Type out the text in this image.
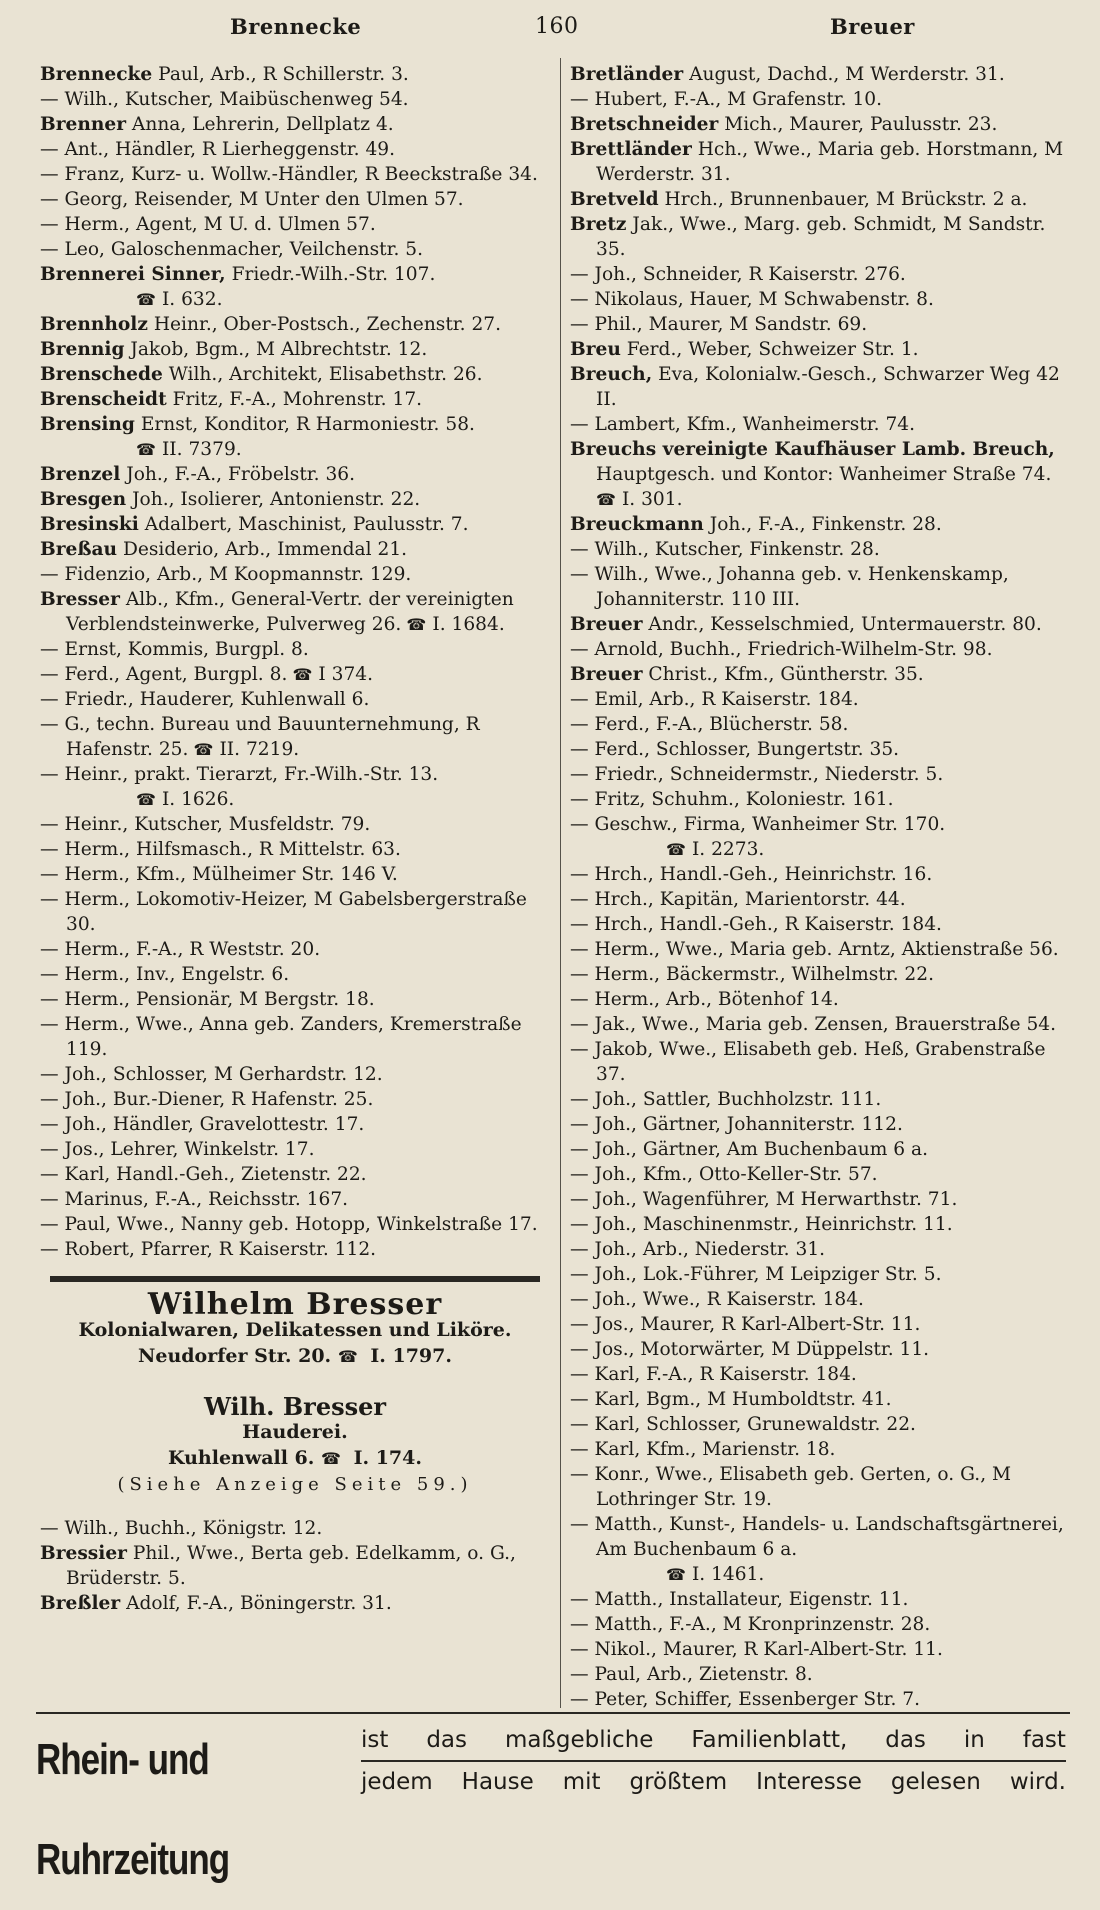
Brennecke	160	Breuer
Brennecke Paul, Arb., R Schillerstr. 3.
— Wilh., Kutscher, Maibüschenweg 54.
Brenner Anna, Lehrerin, Dellplatz 4.
— Ant., Händler, R Lierheggenstr. 49.
— Franz, Kurz- u. Wollw.-Händler, R Beeckstraße 34.
— Georg, Reisender, M Unter den Ulmen 57.
— Herm., Agent, M U. d. Ulmen 57.
— Leo, Galoschenmacher, Veilchenstr. 5.
Brennerei Sinner, Friedr.-Wilh.-Str. 107.
☎ I. 632.
Brennholz Heinr., Ober-Postsch., Zechenstr. 27.
Brennig Jakob, Bgm., M Albrechtstr. 12.
Brenschede Wilh., Architekt, Elisabethstr. 26.
Brenscheidt Fritz, F.-A., Mohrenstr. 17.
Brensing Ernst, Konditor, R Harmoniestr. 58.
☎ II. 7379.
Brenzel Joh., F.-A., Fröbelstr. 36.
Bresgen Joh., Isolierer, Antonienstr. 22.
Bresinski Adalbert, Maschinist, Paulusstr. 7.
Breßau Desiderio, Arb., Immendal 21.
— Fidenzio, Arb., M Koopmannstr. 129.
Bresser Alb., Kfm., General-Vertr. der vereinigten Verblendsteinwerke, Pulverweg 26. ☎ I. 1684.
— Ernst, Kommis, Burgpl. 8.
— Ferd., Agent, Burgpl. 8. ☎ I 374.
— Friedr., Hauderer, Kuhlenwall 6.
— G., techn. Bureau und Bauunternehmung, R Hafenstr. 25. ☎ II. 7219.
— Heinr., prakt. Tierarzt, Fr.-Wilh.-Str. 13.
☎ I. 1626.
— Heinr., Kutscher, Musfeldstr. 79.
— Herm., Hilfsmasch., R Mittelstr. 63.
— Herm., Kfm., Mülheimer Str. 146 V.
— Herm., Lokomotiv-Heizer, M Gabelsbergerstraße 30.
— Herm., F.-A., R Weststr. 20.
— Herm., Inv., Engelstr. 6.
— Herm., Pensionär, M Bergstr. 18.
— Herm., Wwe., Anna geb. Zanders, Kremerstraße 119.
— Joh., Schlosser, M Gerhardstr. 12.
— Joh., Bur.-Diener, R Hafenstr. 25.
— Joh., Händler, Gravelottestr. 17.
— Jos., Lehrer, Winkelstr. 17.
— Karl, Handl.-Geh., Zietenstr. 22.
— Marinus, F.-A., Reichsstr. 167.
— Paul, Wwe., Nanny geb. Hotopp, Winkelstraße 17.
— Robert, Pfarrer, R Kaiserstr. 112.
Wilhelm Bresser
Kolonialwaren, Delikatessen und Liköre.
Neudorfer Str. 20. ☎ I. 1797.
Wilh. Bresser
Hauderei.
Kuhlenwall 6. ☎ I. 174.
(Siehe Anzeige Seite 59.)
— Wilh., Buchh., Königstr. 12.
Bressier Phil., Wwe., Berta geb. Edelkamm, o. G., Brüderstr. 5.
Breßler Adolf, F.-A., Böningerstr. 31.
Bretländer August, Dachd., M Werderstr. 31.
— Hubert, F.-A., M Grafenstr. 10.
Bretschneider Mich., Maurer, Paulusstr. 23.
Brettländer Hch., Wwe., Maria geb. Horstmann, M Werderstr. 31.
Bretveld Hrch., Brunnenbauer, M Brückstr. 2 a.
Bretz Jak., Wwe., Marg. geb. Schmidt, M Sandstr. 35.
— Joh., Schneider, R Kaiserstr. 276.
— Nikolaus, Hauer, M Schwabenstr. 8.
— Phil., Maurer, M Sandstr. 69.
Breu Ferd., Weber, Schweizer Str. 1.
Breuch, Eva, Kolonialw.-Gesch., Schwarzer Weg 42 II.
— Lambert, Kfm., Wanheimerstr. 74.
Breuchs vereinigte Kaufhäuser Lamb. Breuch, Hauptgesch. und Kontor: Wanheimer Straße 74. ☎ I. 301.
Breuckmann Joh., F.-A., Finkenstr. 28.
— Wilh., Kutscher, Finkenstr. 28.
— Wilh., Wwe., Johanna geb. v. Henkenskamp, Johanniterstr. 110 III.
Breuer Andr., Kesselschmied, Untermauerstr. 80.
— Arnold, Buchh., Friedrich-Wilhelm-Str. 98.
Breuer Christ., Kfm., Güntherstr. 35.
— Emil, Arb., R Kaiserstr. 184.
— Ferd., F.-A., Blücherstr. 58.
— Ferd., Schlosser, Bungertstr. 35.
— Friedr., Schneidermstr., Niederstr. 5.
— Fritz, Schuhm., Koloniestr. 161.
— Geschw., Firma, Wanheimer Str. 170.
☎ I. 2273.
— Hrch., Handl.-Geh., Heinrichstr. 16.
— Hrch., Kapitän, Marientorstr. 44.
— Hrch., Handl.-Geh., R Kaiserstr. 184.
— Herm., Wwe., Maria geb. Arntz, Aktienstraße 56.
— Herm., Bäckermstr., Wilhelmstr. 22.
— Herm., Arb., Bötenhof 14.
— Jak., Wwe., Maria geb. Zensen, Brauerstraße 54.
— Jakob, Wwe., Elisabeth geb. Heß, Grabenstraße 37.
— Joh., Sattler, Buchholzstr. 111.
— Joh., Gärtner, Johanniterstr. 112.
— Joh., Gärtner, Am Buchenbaum 6 a.
— Joh., Kfm., Otto-Keller-Str. 57.
— Joh., Wagenführer, M Herwarthstr. 71.
— Joh., Maschinenmstr., Heinrichstr. 11.
— Joh., Arb., Niederstr. 31.
— Joh., Lok.-Führer, M Leipziger Str. 5.
— Joh., Wwe., R Kaiserstr. 184.
— Jos., Maurer, R Karl-Albert-Str. 11.
— Jos., Motorwärter, M Düppelstr. 11.
— Karl, F.-A., R Kaiserstr. 184.
— Karl, Bgm., M Humboldtstr. 41.
— Karl, Schlosser, Grunewaldstr. 22.
— Karl, Kfm., Marienstr. 18.
— Konr., Wwe., Elisabeth geb. Gerten, o. G., M Lothringer Str. 19.
— Matth., Kunst-, Handels- u. Landschaftsgärtnerei, Am Buchenbaum 6 a.
☎ I. 1461.
— Matth., Installateur, Eigenstr. 11.
— Matth., F.-A., M Kronprinzenstr. 28.
— Nikol., Maurer, R Karl-Albert-Str. 11.
— Paul, Arb., Zietenstr. 8.
— Peter, Schiffer, Essenberger Str. 7.
Rhein- und Ruhrzeitung
ist das maßgebliche Familienblatt, das in fast
jedem Hause mit größtem Interesse gelesen wird.
